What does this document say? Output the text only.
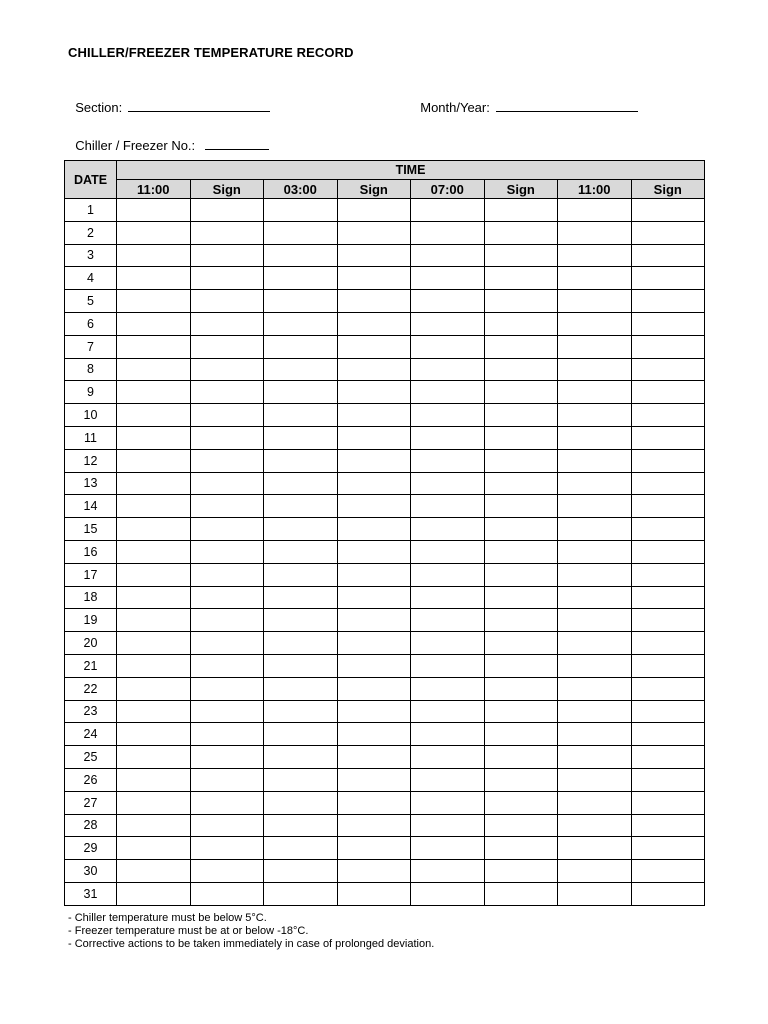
CHILLER/FREEZER TEMPERATURE RECORD

Section:	Month/Year:

Chiller / Freezer No.:

DATE	TIME							
	11:00	Sign	03:00	Sign	07:00	Sign	11:00	Sign
1								
2								
3								
4								
5								
6								
7								
8								
9								
10								
11								
12								
13								
14								
15								
16								
17								
18								
19								
20								
21								
22								
23								
24								
25								
26								
27								
28								
29								
30								
31								
- Chiller temperature must be below 5°C.
- Freezer temperature must be at or below -18°C.
- Corrective actions to be taken immediately in case of prolonged deviation.
